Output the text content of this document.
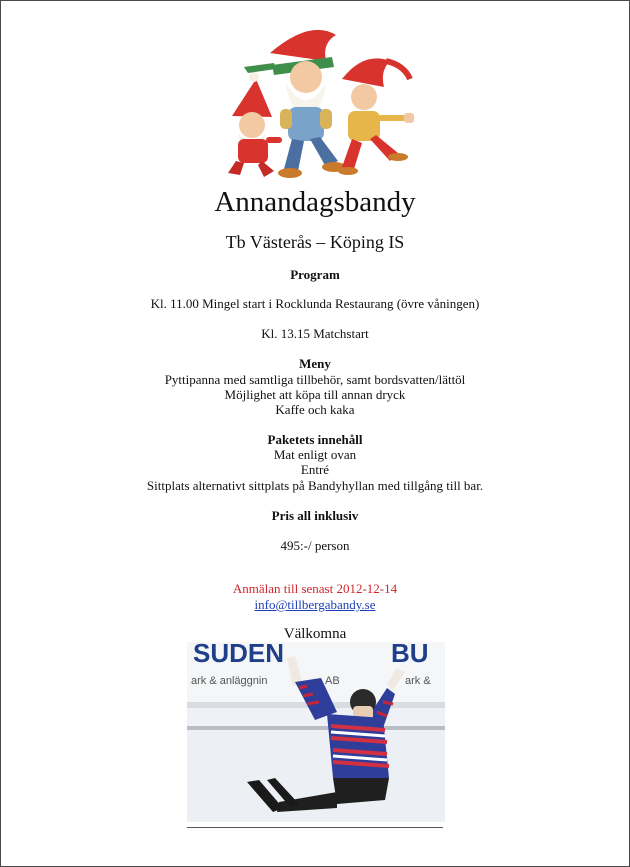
Annandagsbandy
Tb Västerås – Köping IS
Program
Kl. 11.00 Mingel start i Rocklunda Restaurang (övre våningen)
Kl. 13.15 Matchstart
Meny
Pyttipanna med samtliga tillbehör, samt bordsvatten/lättöl
Möjlighet att köpa till annan dryck
Kaffe och kaka
Paketets innehåll
Mat enligt ovan
Entré
Sittplats alternativt sittplats på Bandyhyllan med tillgång till bar.
Pris all inklusiv
495:-/ person
Anmälan till senast 2012-12-14
info@tillbergabandy.se
Välkomna
SUDEN	BU
ark & anläggnin	AB	ark &
